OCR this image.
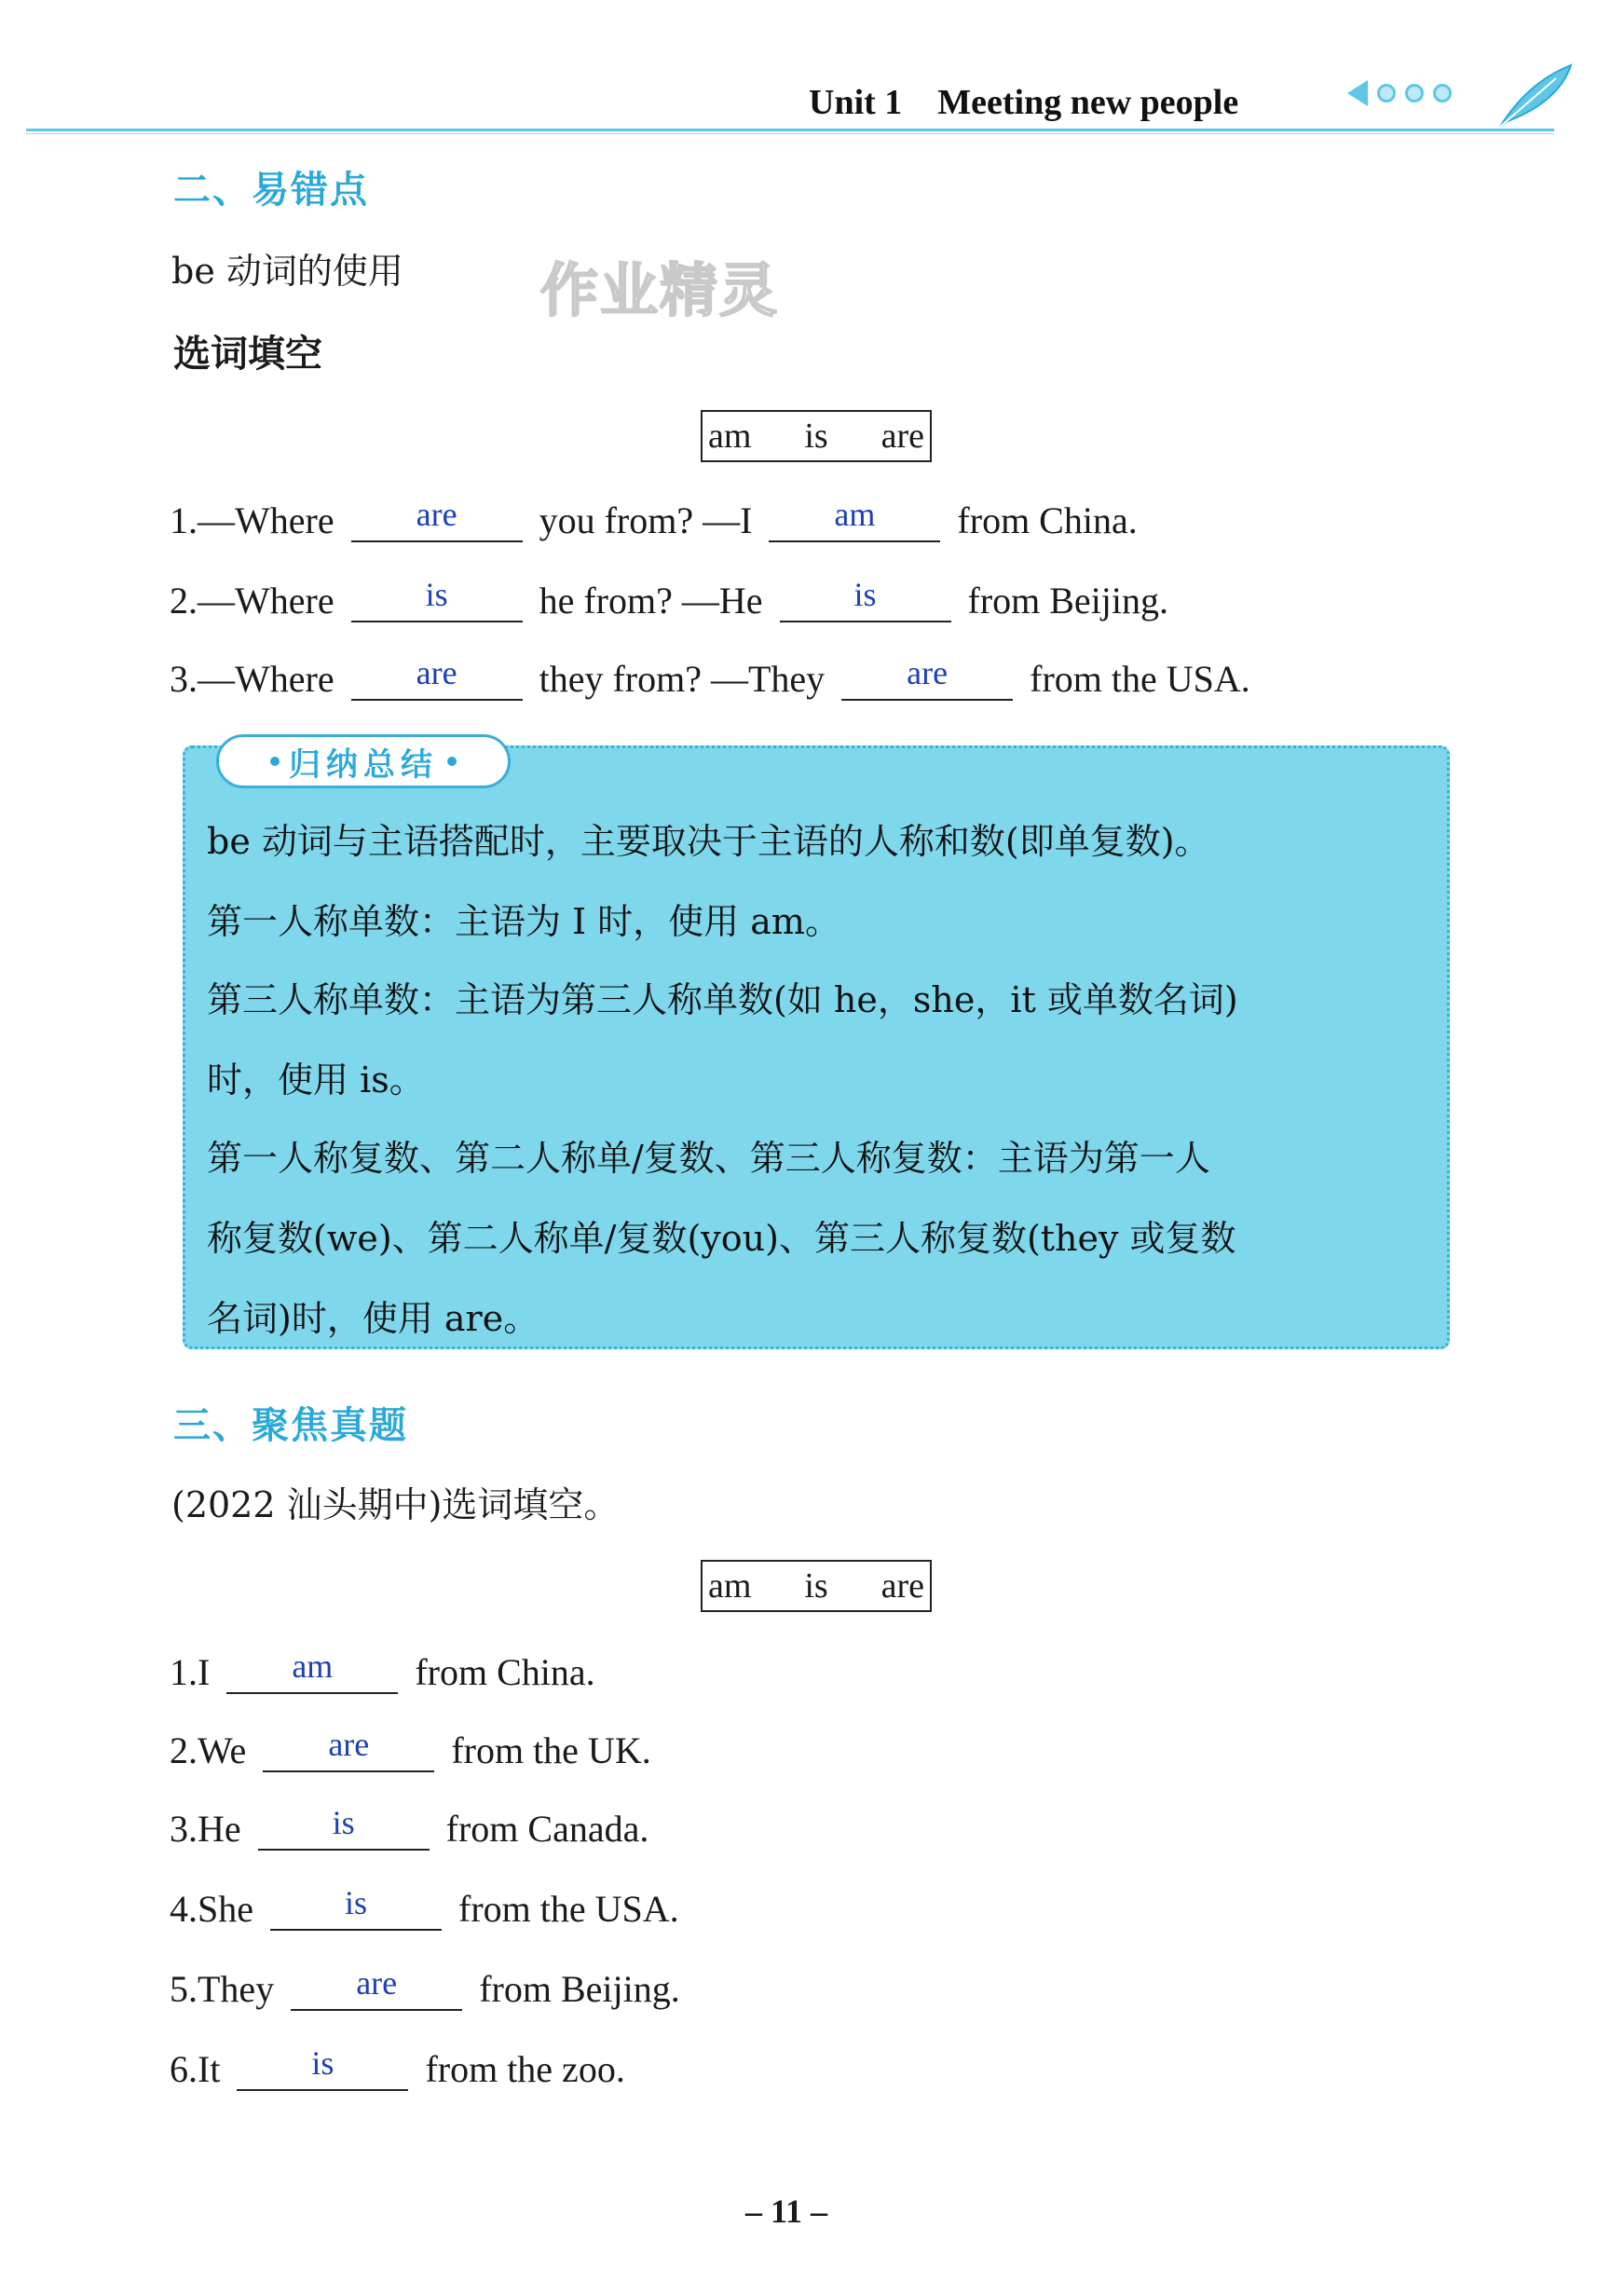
Unit 1    Meeting new people
二、易错点
be 动词的使用 作业精灵
选词填空
am is are
1. —Where	are	you from? —I	am	from China.
2. —Where	is	he from? —He	is	from Beijing.
3. —Where	are	they from? —They	are	from the USA.
归纳总结
be 动词与主语搭配时，主要取决于主语的人称和数(即单复数)。
第一人称单数：主语为 I 时，使用 am。
第三人称单数：主语为第三人称单数(如 he，she，it 或单数名词)
时，使用 is。
第一人称复数、第二人称单/复数、第三人称复数：主语为第一人
称复数(we)、第二人称单/复数(you)、第三人称复数(they 或复数
名词)时，使用 are。
三、聚焦真题
(2022 汕头期中)选词填空。
am is are
1. I	am	from China.
2. We	are	from the UK.
3. He	is	from Canada.
4. She	is	from the USA.
5. They	are	from Beijing.
6. It	is	from the zoo.
– 11 –
